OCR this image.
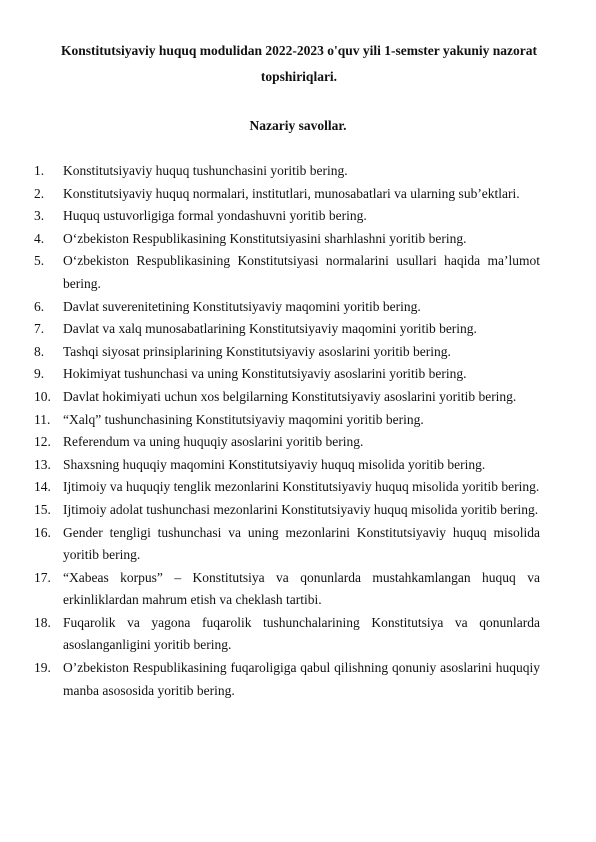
Konstitutsiyaviy huquq modulidan 2022-2023 o'quv yili 1-semster yakuniy nazorat topshiriqlari.

Nazariy savollar.

1.	Konstitutsiyaviy huquq tushunchasini yoritib bering.
2.	Konstitutsiyaviy huquq normalari, institutlari, munosabatlari va ularning sub’ektlari.
3.	Huquq ustuvorligiga formal yondashuvni yoritib bering.
4.	O‘zbekiston Respublikasining Konstitutsiyasini sharhlashni yoritib bering.
5.	O‘zbekiston Respublikasining Konstitutsiyasi normalarini usullari haqida ma’lumot bering.
6.	Davlat suverenitetining Konstitutsiyaviy maqomini yoritib bering.
7.	Davlat va xalq munosabatlarining Konstitutsiyaviy maqomini yoritib bering.
8.	Tashqi siyosat prinsiplarining Konstitutsiyaviy asoslarini yoritib bering.
9.	Hokimiyat tushunchasi va uning Konstitutsiyaviy asoslarini yoritib bering.
10. Davlat hokimiyati uchun xos belgilarning Konstitutsiyaviy asoslarini yoritib bering.
11. “Xalq” tushunchasining Konstitutsiyaviy maqomini yoritib bering.
12. Referendum va uning huquqiy asoslarini yoritib bering.
13. Shaxsning huquqiy maqomini Konstitutsiyaviy huquq misolida yoritib bering.
14. Ijtimoiy va huquqiy tenglik mezonlarini Konstitutsiyaviy huquq misolida yoritib bering.
15. Ijtimoiy adolat tushunchasi mezonlarini Konstitutsiyaviy huquq misolida yoritib bering.
16. Gender tengligi tushunchasi va uning mezonlarini Konstitutsiyaviy huquq misolida yoritib bering.
17. “Xabeas korpus” – Konstitutsiya va qonunlarda mustahkamlangan huquq va erkinliklardan mahrum etish va cheklash tartibi.
18. Fuqarolik va yagona fuqarolik tushunchalarining Konstitutsiya va qonunlarda asoslanganligini yoritib bering.
19. O’zbekiston Respublikasining fuqaroligiga qabul qilishning qonuniy asoslarini huquqiy manba asososida yoritib bering.
